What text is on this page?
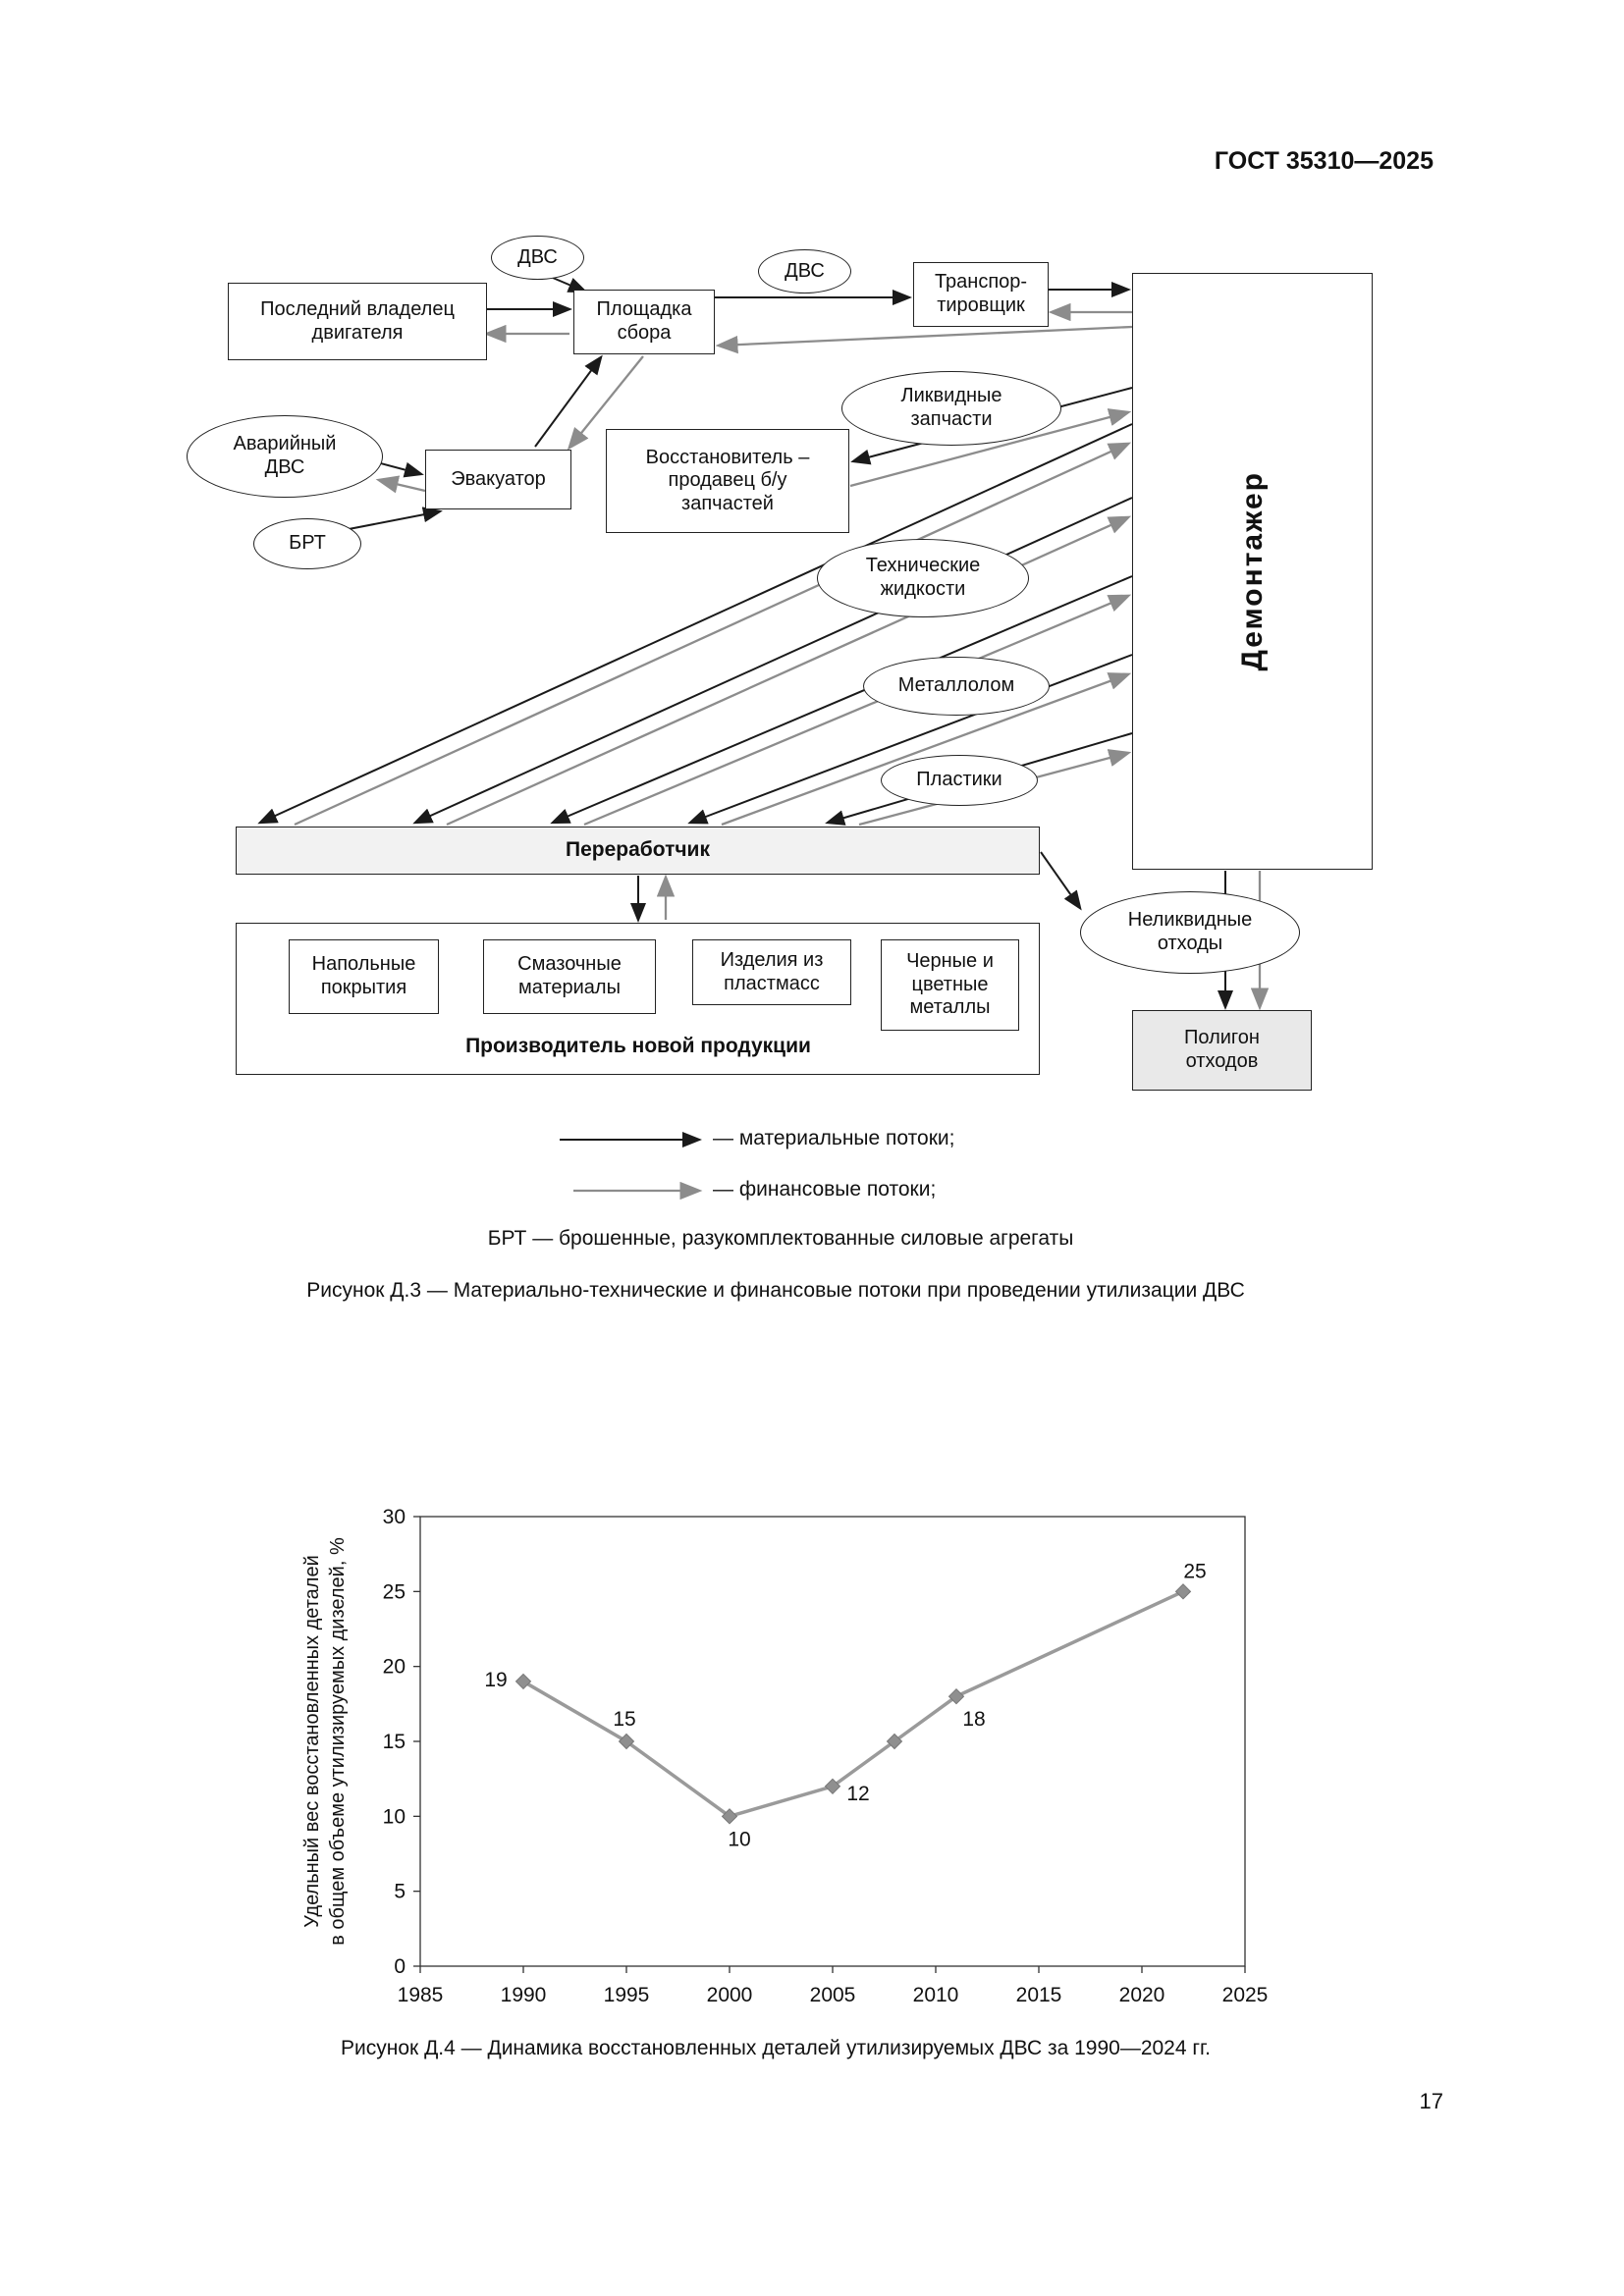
ГОСТ 35310—2025
ДВС
Последний владелец двигателя
Площадка сбора
ДВС
Транспор-тировщик
Демонтажер
Ликвидные запчасти
Аварийный ДВС
Эвакуатор
Восстановитель – продавец б/у запчастей
БРТ
Технические жидкости
Металлолом
Пластики
Переработчик
Напольные покрытия
Смазочные материалы
Изделия из пластмасс
Черные и цветные металлы
Производитель новой продукции
Неликвидные отходы
Полигон отходов
— материальные потоки;
— финансовые потоки;
БРТ — брошенные, разукомплектованные силовые агрегаты
Рисунок Д.3 — Материально-технические и финансовые потоки при проведении утилизации ДВС
0
5
10
15
20
25
30
1985	1990	1995	2000	2005	2010	2015	2020	2025
19
15
10
12
18
25
Удельный вес восстановленных деталей в общем объеме утилизируемых дизелей, %
Рисунок Д.4 — Динамика восстановленных деталей утилизируемых ДВС за 1990—2024 гг.
17
